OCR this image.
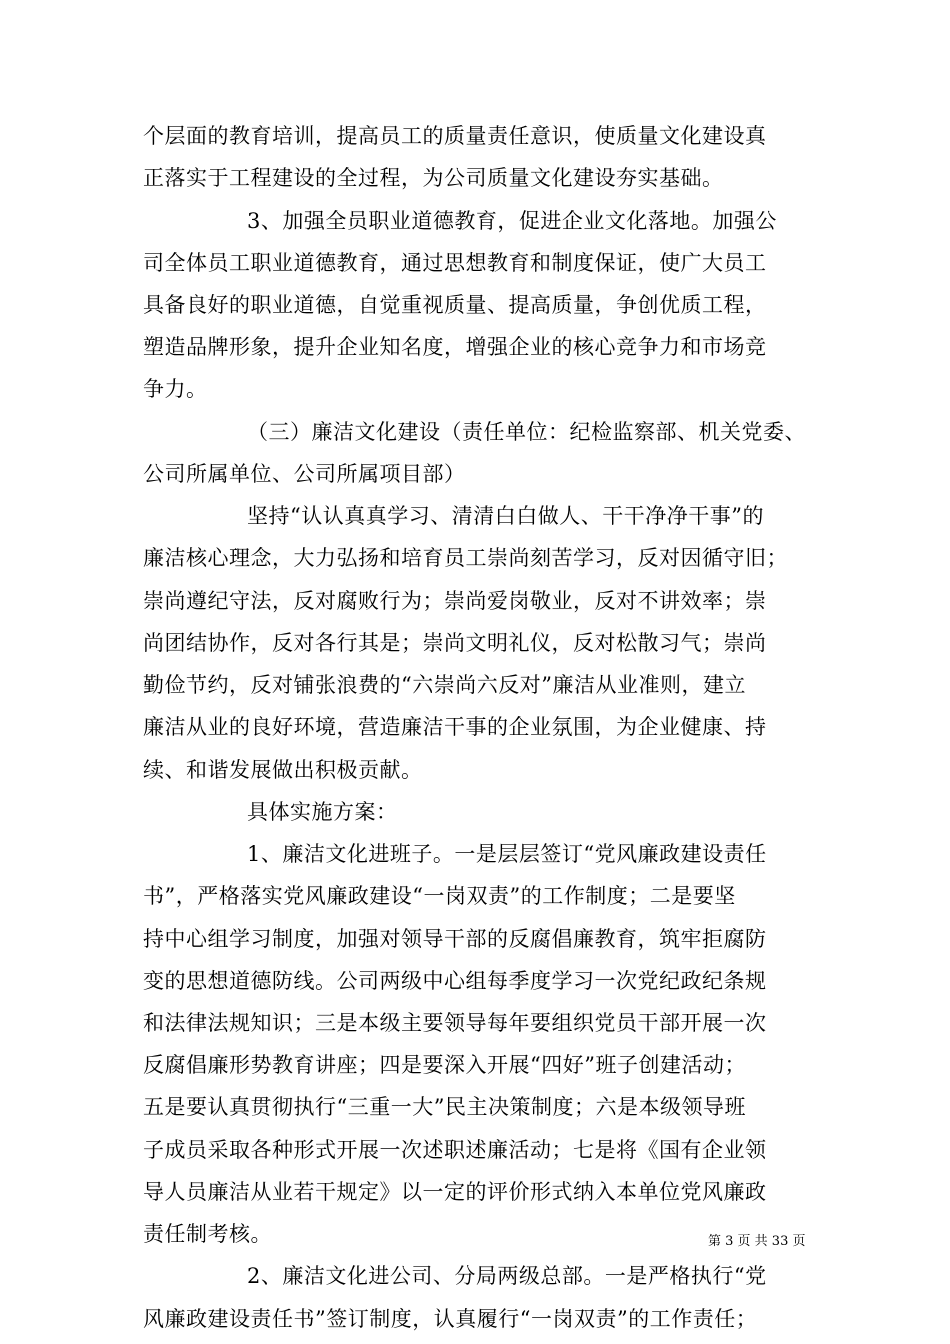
个层面的教育培训，提高员工的质量责任意识，使质量文化建设真
正落实于工程建设的全过程，为公司质量文化建设夯实基础。
3、加强全员职业道德教育，促进企业文化落地。加强公
司全体员工职业道德教育，通过思想教育和制度保证，使广大员工
具备良好的职业道德，自觉重视质量、提高质量，争创优质工程，
塑造品牌形象，提升企业知名度，增强企业的核心竞争力和市场竞
争力。
（三）廉洁文化建设（责任单位：纪检监察部、机关党委、
公司所属单位、公司所属项目部）
坚持“认认真真学习、清清白白做人、干干净净干事”的
廉洁核心理念，大力弘扬和培育员工崇尚刻苦学习，反对因循守旧；
崇尚遵纪守法，反对腐败行为；崇尚爱岗敬业，反对不讲效率；崇
尚团结协作，反对各行其是；崇尚文明礼仪，反对松散习气；崇尚
勤俭节约，反对铺张浪费的“六崇尚六反对”廉洁从业准则，建立
廉洁从业的良好环境，营造廉洁干事的企业氛围，为企业健康、持
续、和谐发展做出积极贡献。
具体实施方案：
1、廉洁文化进班子。一是层层签订“党风廉政建设责任
书”，严格落实党风廉政建设“一岗双责”的工作制度；二是要坚
持中心组学习制度，加强对领导干部的反腐倡廉教育，筑牢拒腐防
变的思想道德防线。公司两级中心组每季度学习一次党纪政纪条规
和法律法规知识；三是本级主要领导每年要组织党员干部开展一次
反腐倡廉形势教育讲座；四是要深入开展“四好”班子创建活动；
五是要认真贯彻执行“三重一大”民主决策制度；六是本级领导班
子成员采取各种形式开展一次述职述廉活动；七是将《国有企业领
导人员廉洁从业若干规定》以一定的评价形式纳入本单位党风廉政
责任制考核。
2、廉洁文化进公司、分局两级总部。一是严格执行“党
风廉政建设责任书”签订制度，认真履行“一岗双责”的工作责任；
第 3 页 共 33 页
